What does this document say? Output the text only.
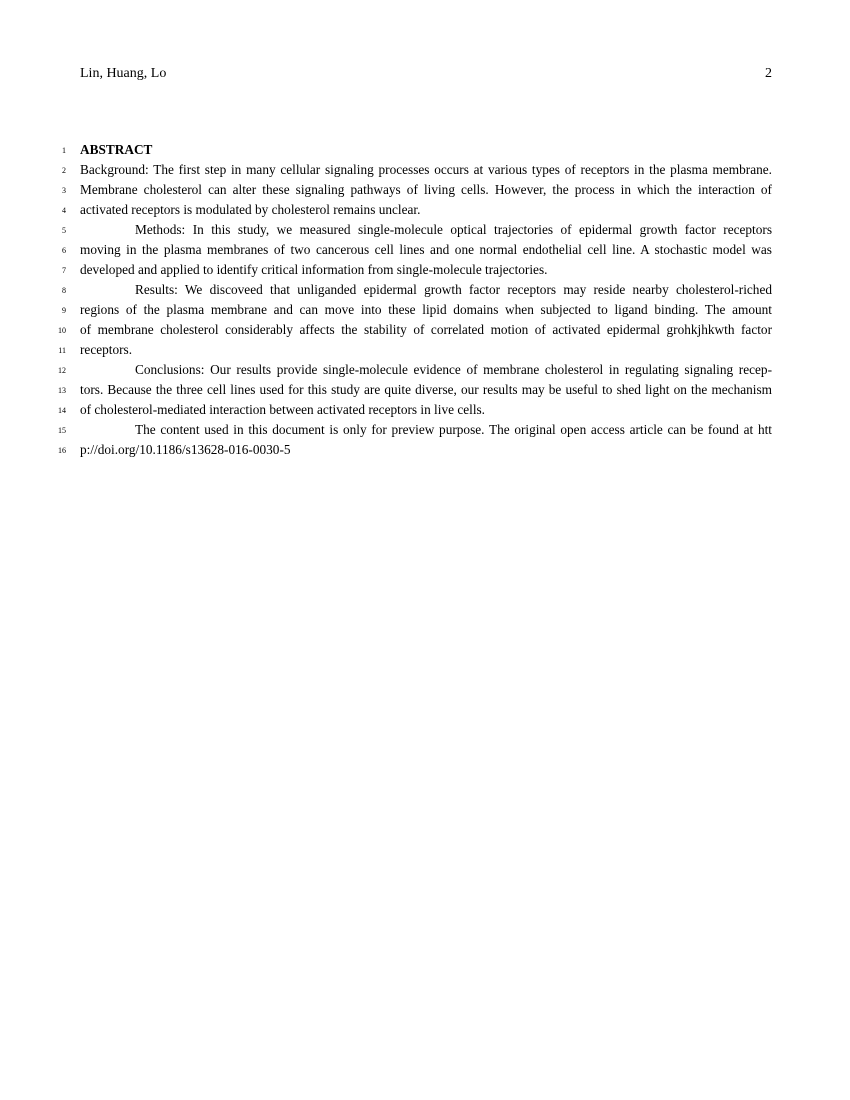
Lin, Huang, Lo	2
1 ABSTRACT
2 Background: The first step in many cellular signaling processes occurs at various types of receptors in the plasma membrane.
3 Membrane cholesterol can alter these signaling pathways of living cells. However, the process in which the interaction of
4 activated receptors is modulated by cholesterol remains unclear.
5	Methods: In this study, we measured single-molecule optical trajectories of epidermal growth factor receptors
6 moving in the plasma membranes of two cancerous cell lines and one normal endothelial cell line. A stochastic model was
7 developed and applied to identify critical information from single-molecule trajectories.
8	Results: We discoveed that unliganded epidermal growth factor receptors may reside nearby cholesterol-riched
9 regions of the plasma membrane and can move into these lipid domains when subjected to ligand binding. The amount
10 of membrane cholesterol considerably affects the stability of correlated motion of activated epidermal grohkjhkwth factor
11 receptors.
12	Conclusions: Our results provide single-molecule evidence of membrane cholesterol in regulating signaling recep-
13 tors. Because the three cell lines used for this study are quite diverse, our results may be useful to shed light on the mechanism
14 of cholesterol-mediated interaction between activated receptors in live cells.
15	The content used in this document is only for preview purpose. The original open access article can be found at htt
16 p://doi.org/10.1186/s13628-016-0030-5
